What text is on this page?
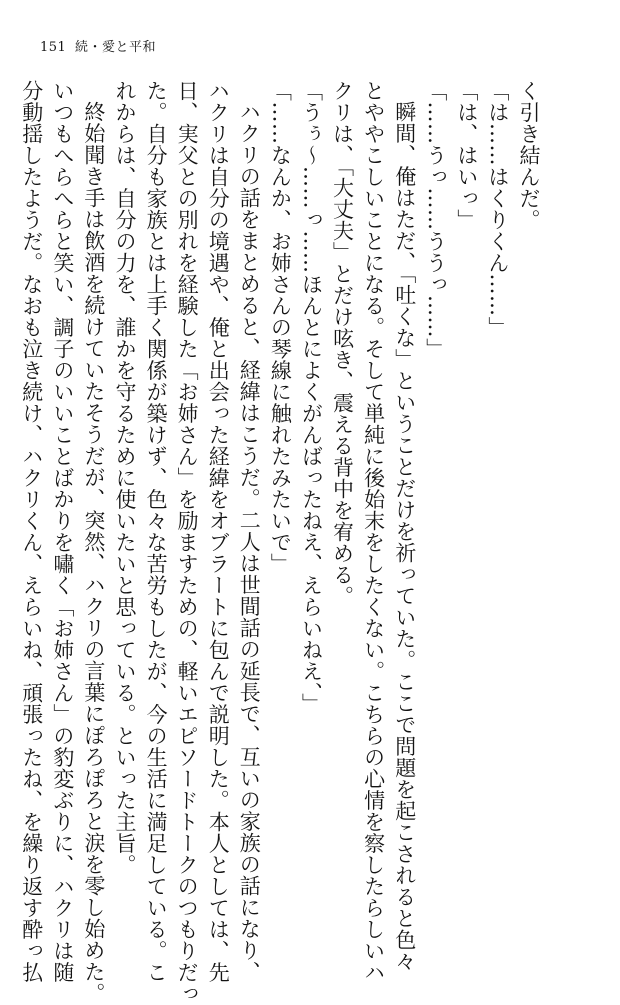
151 続・愛と平和
く引き結んだ。
「は……はくりくん……」
「は、はいっ」
「……うっ……ううっ……」
瞬間、俺はただ、「吐くな」ということだけを祈っていた。ここで問題を起こされると色々
とややこしいことになる。そして単純に後始末をしたくない。こちらの心情を察したらしいハ
クリは、「大丈夫」とだけ呟き、震える背中を宥める。
「うぅ〜……っ……ほんとによくがんばったねえ、えらいねえ、」
「……なんか、お姉さんの琴線に触れたみたいで」
ハクリの話をまとめると、経緯はこうだ。二人は世間話の延長で、互いの家族の話になり、
ハクリは自分の境遇や、俺と出会った経緯をオブラートに包んで説明した。本人としては、先
日、実父との別れを経験した「お姉さん」を励ますための、軽いエピソードトークのつもりだっ
た。自分も家族とは上手く関係が築けず、色々な苦労もしたが、今の生活に満足している。こ
れからは、自分の力を、誰かを守るために使いたいと思っている。といった主旨。
終始聞き手は飲酒を続けていたそうだが、突然、ハクリの言葉にぽろぽろと涙を零し始めた。
いつもへらへらと笑い、調子のいいことばかりを嘯く「お姉さん」の豹変ぶりに、ハクリは随
分動揺したようだ。なおも泣き続け、ハクリくん、えらいね、頑張ったね、を繰り返す酔っ払
